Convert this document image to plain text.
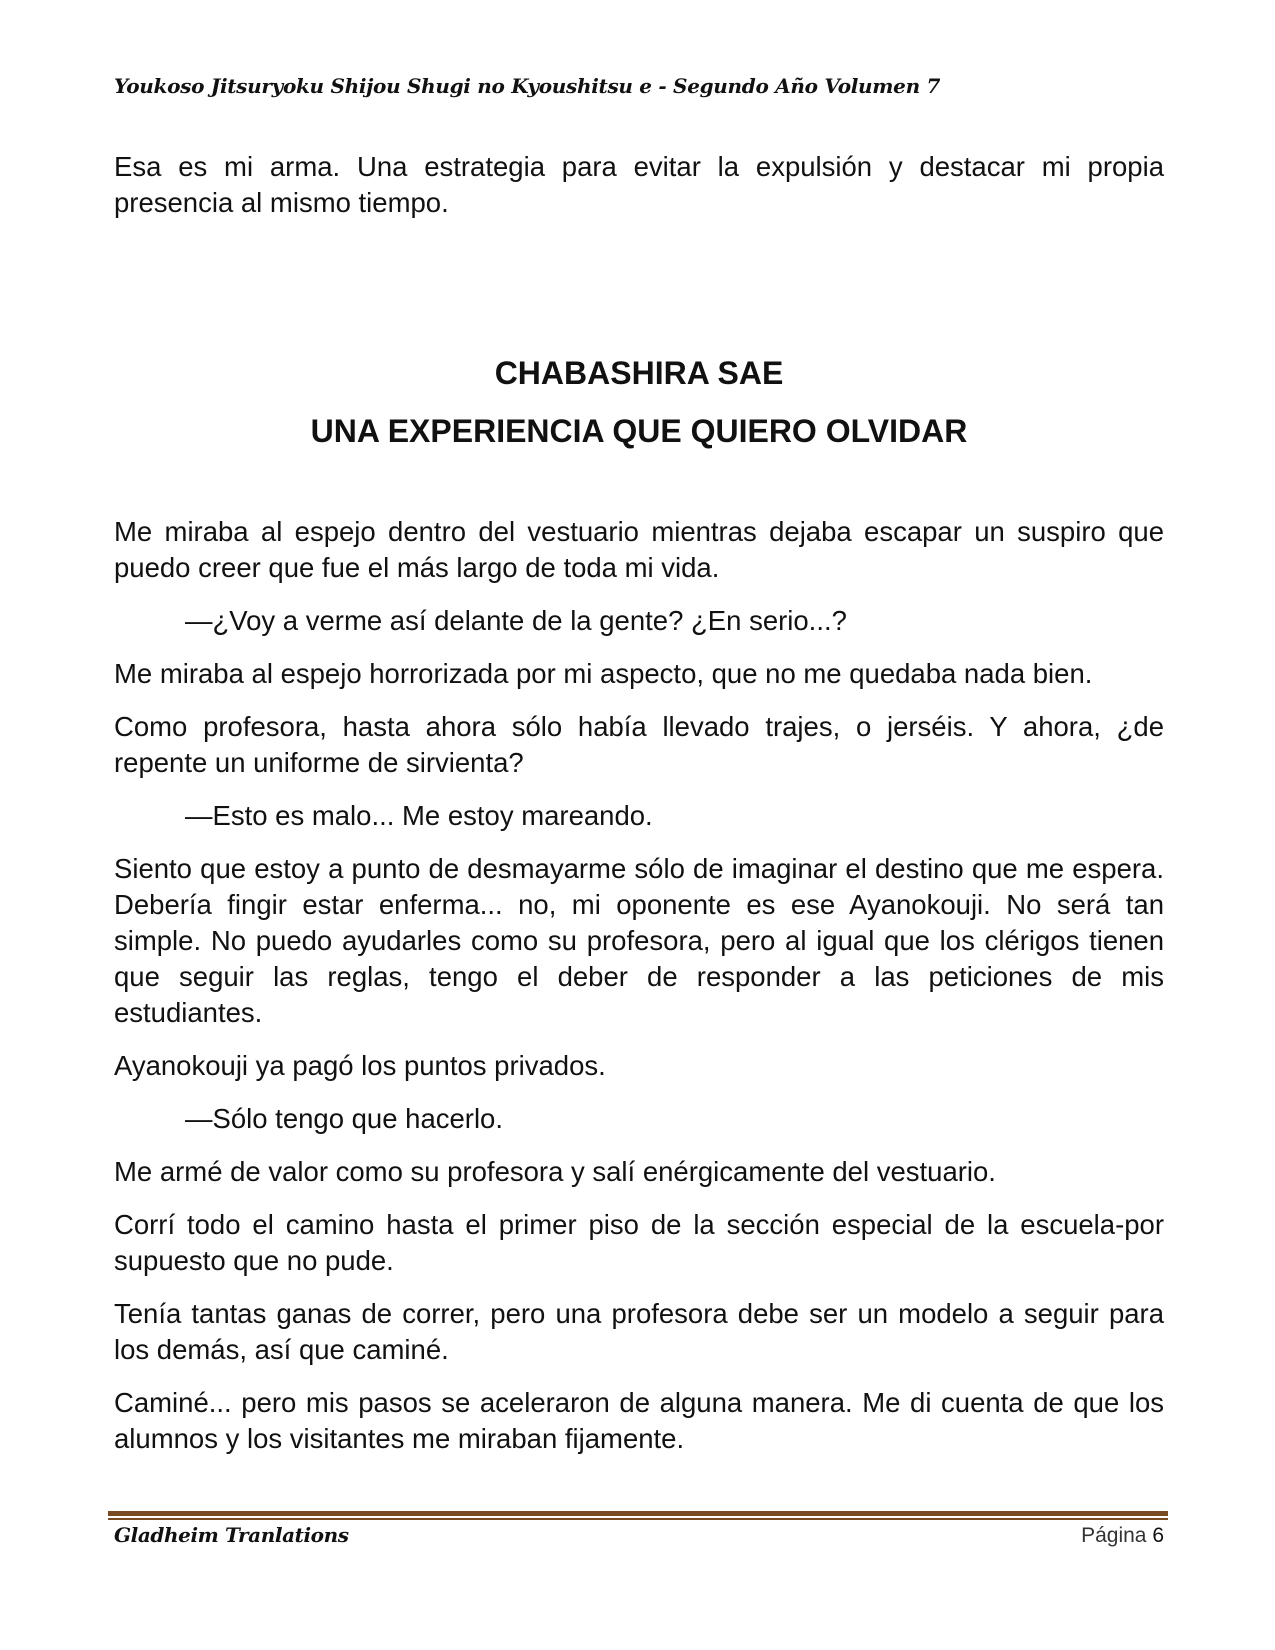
Youkoso Jitsuryoku Shijou Shugi no Kyoushitsu e - Segundo Año Volumen 7

Esa es mi arma. Una estrategia para evitar la expulsión y destacar mi propia presencia al mismo tiempo.

CHABASHIRA SAE
UNA EXPERIENCIA QUE QUIERO OLVIDAR

Me miraba al espejo dentro del vestuario mientras dejaba escapar un suspiro que puedo creer que fue el más largo de toda mi vida.

—¿Voy a verme así delante de la gente? ¿En serio...?

Me miraba al espejo horrorizada por mi aspecto, que no me quedaba nada bien.

Como profesora, hasta ahora sólo había llevado trajes, o jerséis. Y ahora, ¿de repente un uniforme de sirvienta?

—Esto es malo... Me estoy mareando.

Siento que estoy a punto de desmayarme sólo de imaginar el destino que me espera. Debería fingir estar enferma... no, mi oponente es ese Ayanokouji. No será tan simple. No puedo ayudarles como su profesora, pero al igual que los clérigos tienen que seguir las reglas, tengo el deber de responder a las peticiones de mis estudiantes.

Ayanokouji ya pagó los puntos privados.

—Sólo tengo que hacerlo.

Me armé de valor como su profesora y salí enérgicamente del vestuario.

Corrí todo el camino hasta el primer piso de la sección especial de la escuela-por supuesto que no pude.

Tenía tantas ganas de correr, pero una profesora debe ser un modelo a seguir para los demás, así que caminé.

Caminé... pero mis pasos se aceleraron de alguna manera. Me di cuenta de que los alumnos y los visitantes me miraban fijamente.

Gladheim Tranlations	Página 6
